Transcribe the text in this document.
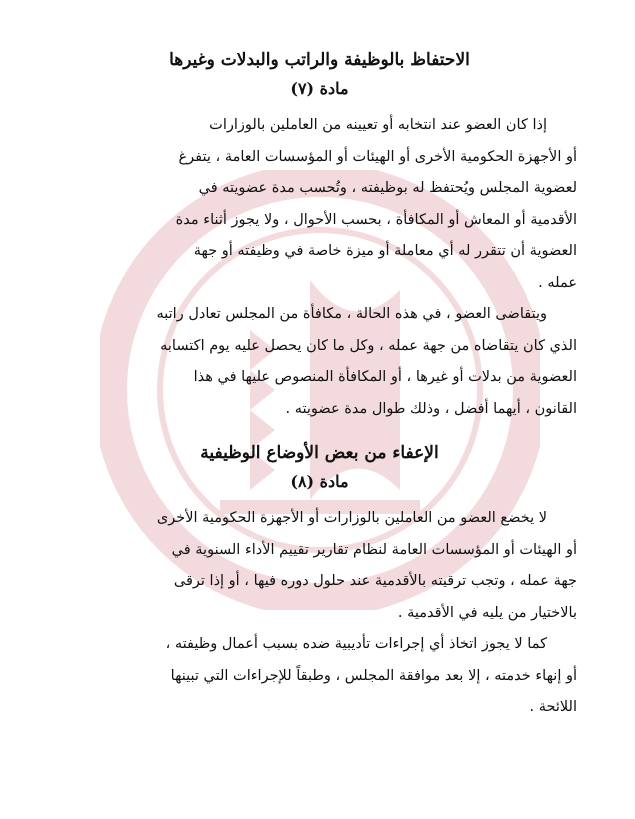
الاحتفاظ بالوظيفة والراتب والبدلات وغيرها

مادة (٧)

إذا كان العضو عند انتخابه أو تعيينه من العاملين بالوزارات
أو الأجهزة الحكومية الأخرى أو الهيئات أو المؤسسات العامة ، يتفرغ
لعضوية المجلس ويُحتفظ له بوظيفته ، وتُحسب مدة عضويته في
الأقدمية أو المعاش أو المكافأة ، بحسب الأحوال ، ولا يجوز أثناء مدة
العضوية أن تتقرر له أي معاملة أو ميزة خاصة في وظيفته أو جهة
عمله .
ويتقاضى العضو ، في هذه الحالة ، مكافأة من المجلس تعادل راتبه
الذي كان يتقاضاه من جهة عمله ، وكل ما كان يحصل عليه يوم اكتسابه
العضوية من بدلات أو غيرها ، أو المكافأة المنصوص عليها في هذا
القانون ، أيهما أفضل ، وذلك طوال مدة عضويته .

الإعفاء من بعض الأوضاع الوظيفية

مادة (٨)

لا يخضع العضو من العاملين بالوزارات أو الأجهزة الحكومية الأخرى
أو الهيئات أو المؤسسات العامة لنظام تقارير تقييم الأداء السنوية في
جهة عمله ، وتجب ترقيته بالأقدمية عند حلول دوره فيها ، أو إذا ترقى
بالاختيار من يليه في الأقدمية .
كما لا يجوز اتخاذ أي إجراءات تأديبية ضده بسبب أعمال وظيفته ،
أو إنهاء خدمته ، إلا بعد موافقة المجلس ، وطبقاً للإجراءات التي تبينها
اللائحة .
